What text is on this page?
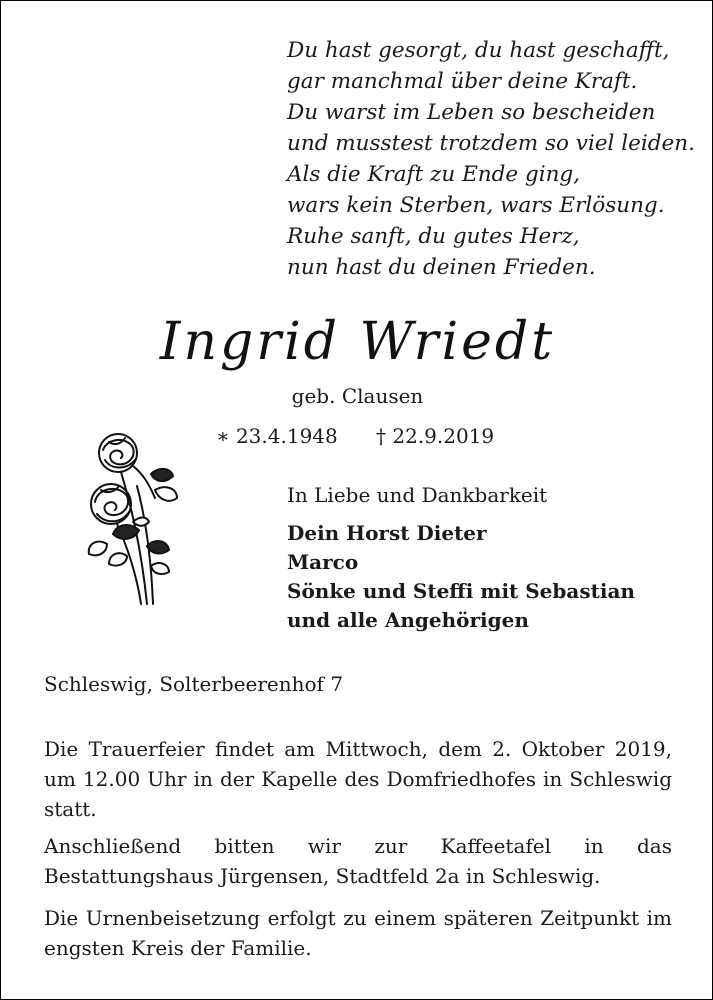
Du hast gesorgt, du hast geschafft,
gar manchmal über deine Kraft.
Du warst im Leben so bescheiden
und musstest trotzdem so viel leiden.
Als die Kraft zu Ende ging,
wars kein Sterben, wars Erlösung.
Ruhe sanft, du gutes Herz,
nun hast du deinen Frieden.
Ingrid Wriedt
geb. Clausen
∗ 23.4.1948 † 22.9.2019
In Liebe und Dankbarkeit
Dein Horst Dieter
Marco
Sönke und Steffi mit Sebastian
und alle Angehörigen
Schleswig, Solterbeerenhof 7
Die Trauerfeier findet am Mittwoch, dem 2. Oktober 2019, um 12.00 Uhr in der Kapelle des Domfriedhofes in Schleswig statt.
Anschließend bitten wir zur Kaffeetafel in das Bestattungshaus Jürgensen, Stadtfeld 2a in Schleswig.
Die Urnenbeisetzung erfolgt zu einem späteren Zeitpunkt im engsten Kreis der Familie.
